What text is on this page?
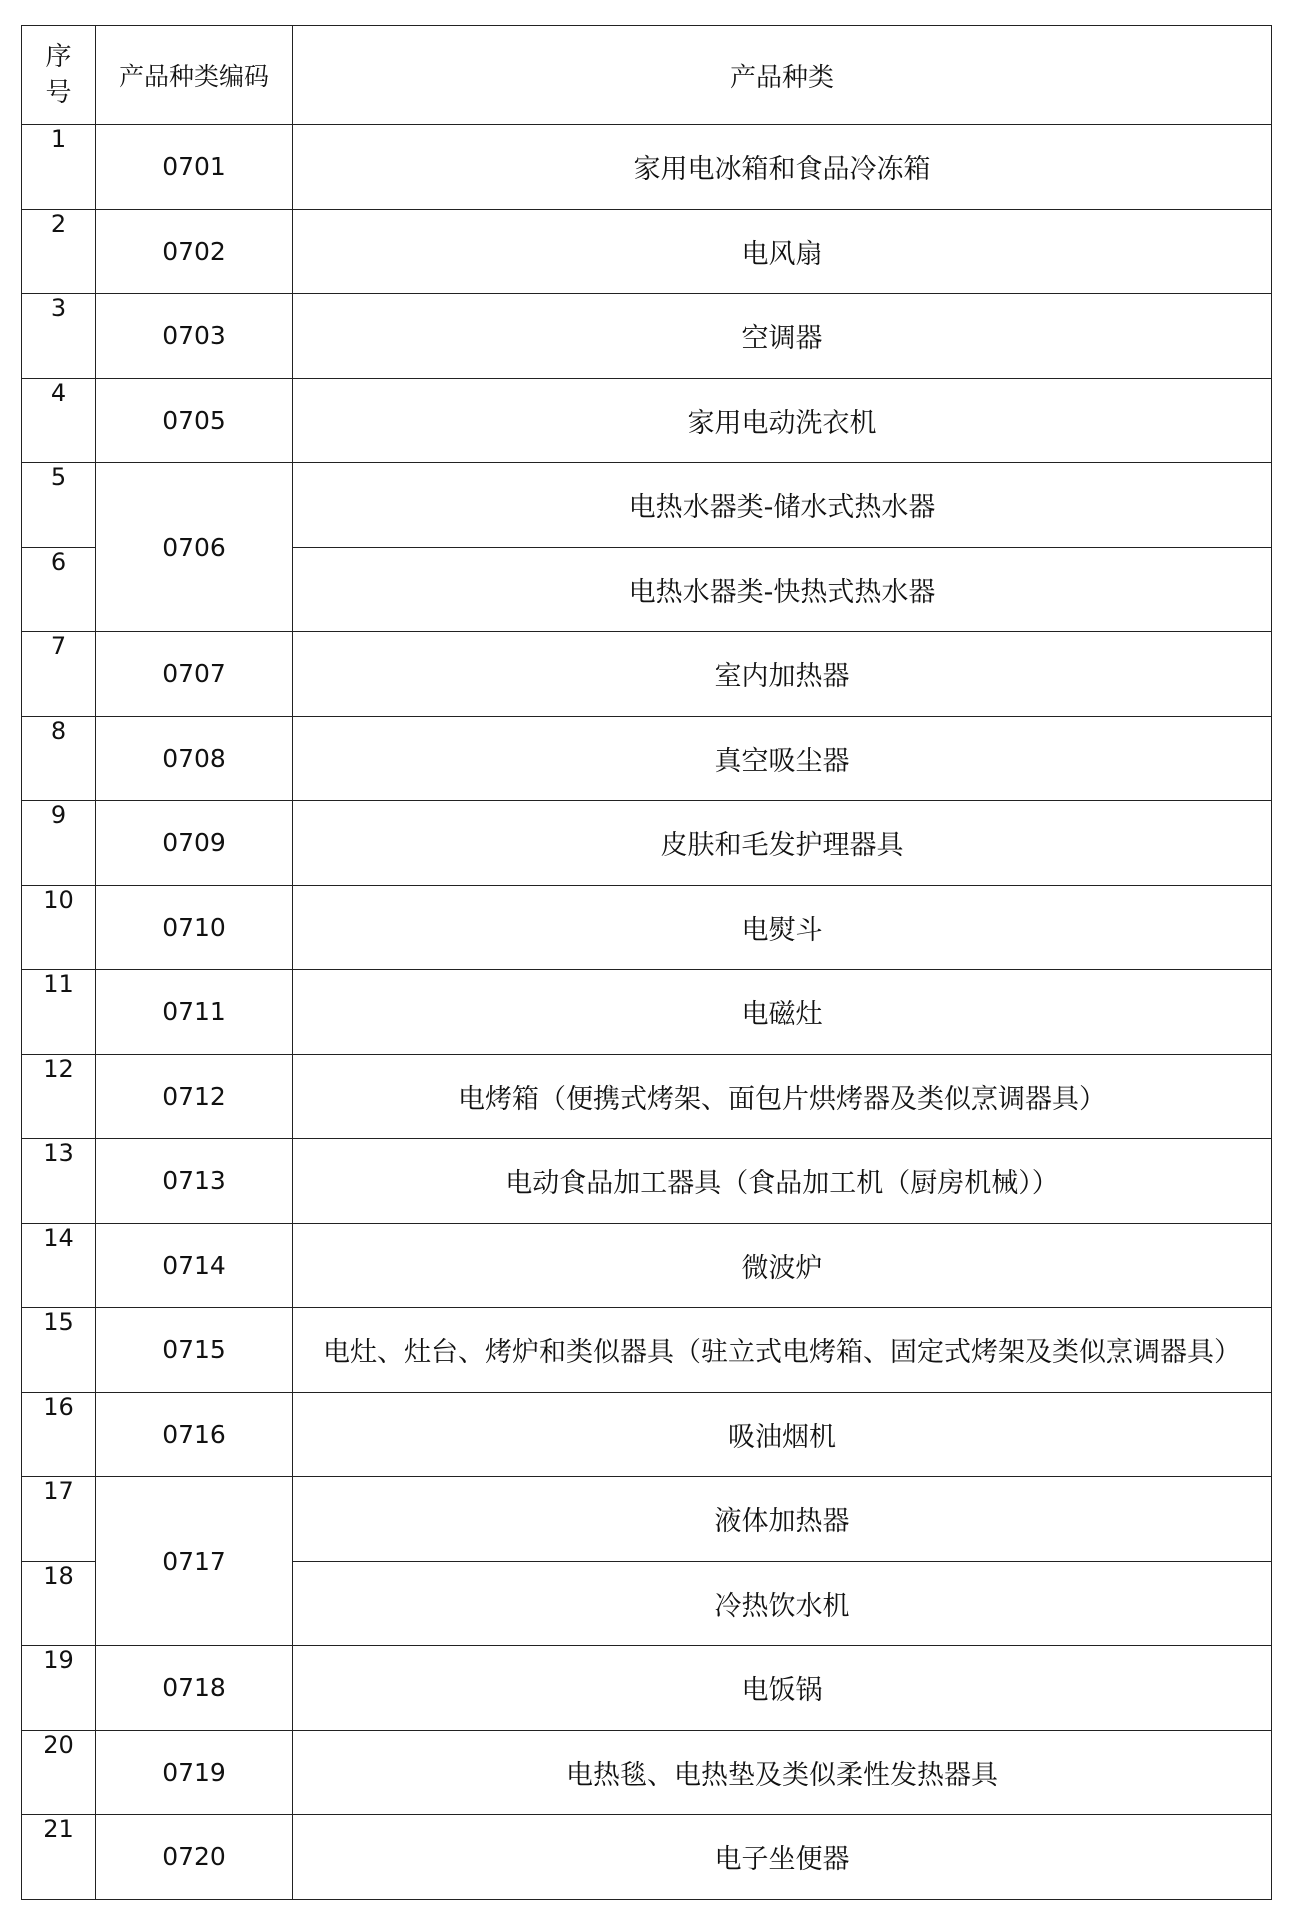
序
号	产品种类编码	产品种类
1	0701	家用电冰箱和食品冷冻箱
2	0702	电风扇
3	0703	空调器
4	0705	家用电动洗衣机
5	0706	电热水器类-储水式热水器
6		电热水器类-快热式热水器
7	0707	室内加热器
8	0708	真空吸尘器
9	0709	皮肤和毛发护理器具
10	0710	电熨斗
11	0711	电磁灶
12	0712	电烤箱（便携式烤架、面包片烘烤器及类似烹调器具）
13	0713	电动食品加工器具（食品加工机（厨房机械））
14	0714	微波炉
15	0715	电灶、灶台、烤炉和类似器具（驻立式电烤箱、固定式烤架及类似烹调器具）
16	0716	吸油烟机
17	0717	液体加热器
18		冷热饮水机
19	0718	电饭锅
20	0719	电热毯、电热垫及类似柔性发热器具
21	0720	电子坐便器
